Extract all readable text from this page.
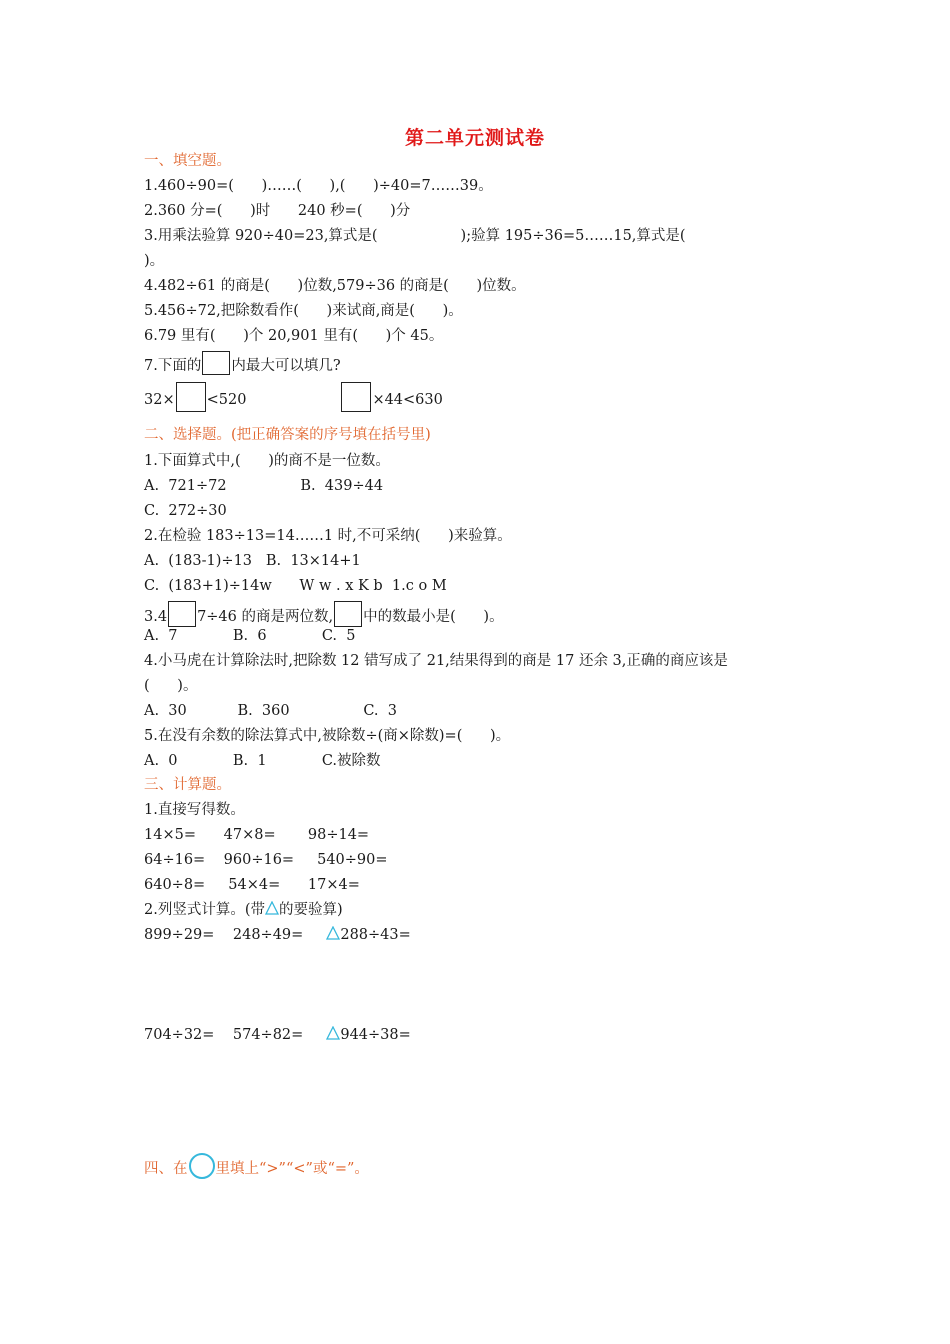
第二单元测试卷
一、填空题。
1.460÷90=(      )……(      ),(      )÷40=7……39。
2.360 分=(      )时      240 秒=(      )分
3.用乘法验算 920÷40=23,算式是(                  );验算 195÷36=5……15,算式是(
)。
4.482÷61 的商是(      )位数,579÷36 的商是(      )位数。
5.456÷72,把除数看作(      )来试商,商是(      )。
6.79 里有(      )个 20,901 里有(      )个 45。
7.下面的 内最大可以填几?
32× <520	×44<630
二、选择题。(把正确答案的序号填在括号里)
1.下面算式中,(      )的商不是一位数。
A.  721÷72                B.  439÷44
C.  272÷30
2.在检验 183÷13=14……1 时,不可采纳(      )来验算。
A.  (183-1)÷13   B.  13×14+1
C.  (183+1)÷14w      W w . x K b  1.c o M
3.4 7÷46 的商是两位数, 中的数最小是(      )。
A.  7            B.  6            C.  5
4.小马虎在计算除法时,把除数 12 错写成了 21,结果得到的商是 17 还余 3,正确的商应该是
(      )。
A.  30           B.  360                C.  3
5.在没有余数的除法算式中,被除数÷(商×除数)=(      )。
A.  0            B.  1            C.被除数
三、计算题。
1.直接写得数。
14×5=      47×8=       98÷14=
64÷16=    960÷16=     540÷90=
640÷8=     54×4=      17×4=
2.列竖式计算。(带 的要验算)
899÷29=    248÷49=     288÷43=
704÷32=    574÷82=     944÷38=
四、在 里填上“>”“<”或“=”。
